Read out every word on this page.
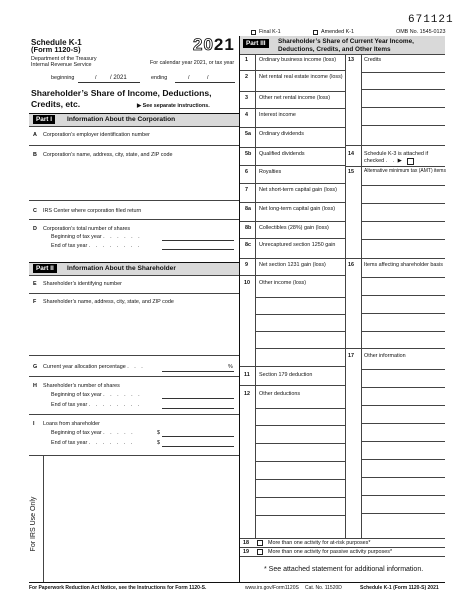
671121
Final K-1	Amended K-1	OMB No. 1545-0123
Schedule K-1
(Form 1120-S)
Department of the Treasury
Internal Revenue Service
2021
For calendar year 2021, or tax year
beginning	/ / 2021	ending	/	/
Shareholder’s Share of Income, Deductions,
Credits, etc.	▶ See separate instructions.
Part I	Information About the Corporation
A Corporation’s employer identification number
B Corporation’s name, address, city, state, and ZIP code
C IRS Center where corporation filed return
D Corporation’s total number of shares
Beginning of tax year . . . . . .
End of tax year . . . . . . . .
Part II	Information About the Shareholder
E Shareholder’s identifying number
F Shareholder’s name, address, city, state, and ZIP code
G Current year allocation percentage . . .	%
H Shareholder’s number of shares
Beginning of tax year . . . . . .
End of tax year . . . . . . . .
I Loans from shareholder
Beginning of tax year . . . . .	$
End of tax year . . . . . . .	$
For IRS Use Only
Part III	Shareholder’s Share of Current Year Income,
Deductions, Credits, and Other Items
1 Ordinary business income (loss)
2 Net rental real estate income (loss)
3 Other net rental income (loss)
4 Interest income
5a Ordinary dividends
5b Qualified dividends
6 Royalties
7 Net short-term capital gain (loss)
8a Net long-term capital gain (loss)
8b Collectibles (28%) gain (loss)
8c Unrecaptured section 1250 gain
9 Net section 1231 gain (loss)
10 Other income (loss)
11 Section 179 deduction
12 Other deductions
13 Credits
14 Schedule K-3 is attached if
checked . . ▶
15 Alternative minimum tax (AMT) items
16 Items affecting shareholder basis
17 Other information
18	More than one activity for at-risk purposes*
19	More than one activity for passive activity purposes*
* See attached statement for additional information.
For Paperwork Reduction Act Notice, see the Instructions for Form 1120-S.	www.irs.gov/Form1120S Cat. No. 11520D	Schedule K-1 (Form 1120-S) 2021
